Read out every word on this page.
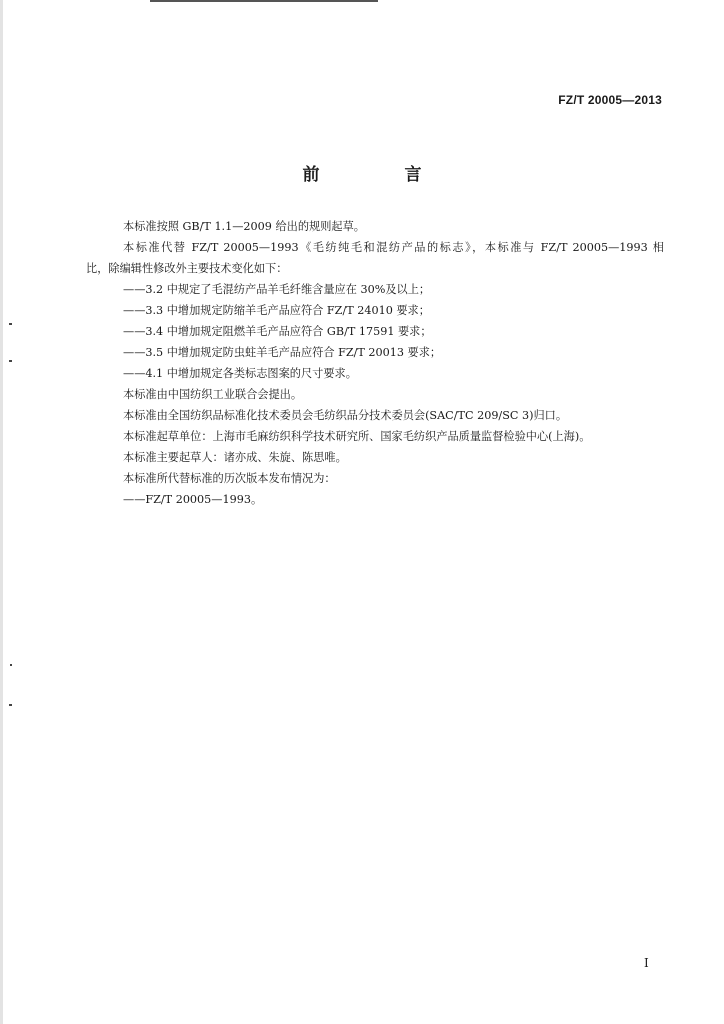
FZ/T 20005—2013
前　言

本标准按照 GB/T 1.1—2009 给出的规则起草。

本标准代替 FZ/T 20005—1993《毛纺纯毛和混纺产品的标志》，本标准与 FZ/T 20005—1993 相

比，除编辑性修改外主要技术变化如下：

——3.2 中规定了毛混纺产品羊毛纤维含量应在 30%及以上；

——3.3 中增加规定防缩羊毛产品应符合 FZ/T 24010 要求；

——3.4 中增加规定阻燃羊毛产品应符合 GB/T 17591 要求；

——3.5 中增加规定防虫蛀羊毛产品应符合 FZ/T 20013 要求；

——4.1 中增加规定各类标志图案的尺寸要求。

本标准由中国纺织工业联合会提出。

本标准由全国纺织品标准化技术委员会毛纺织品分技术委员会(SAC/TC 209/SC 3)归口。

本标准起草单位：上海市毛麻纺织科学技术研究所、国家毛纺织产品质量监督检验中心(上海)。

本标准主要起草人：诸亦成、朱旋、陈思唯。

本标准所代替标准的历次版本发布情况为：

——FZ/T 20005—1993。

I
